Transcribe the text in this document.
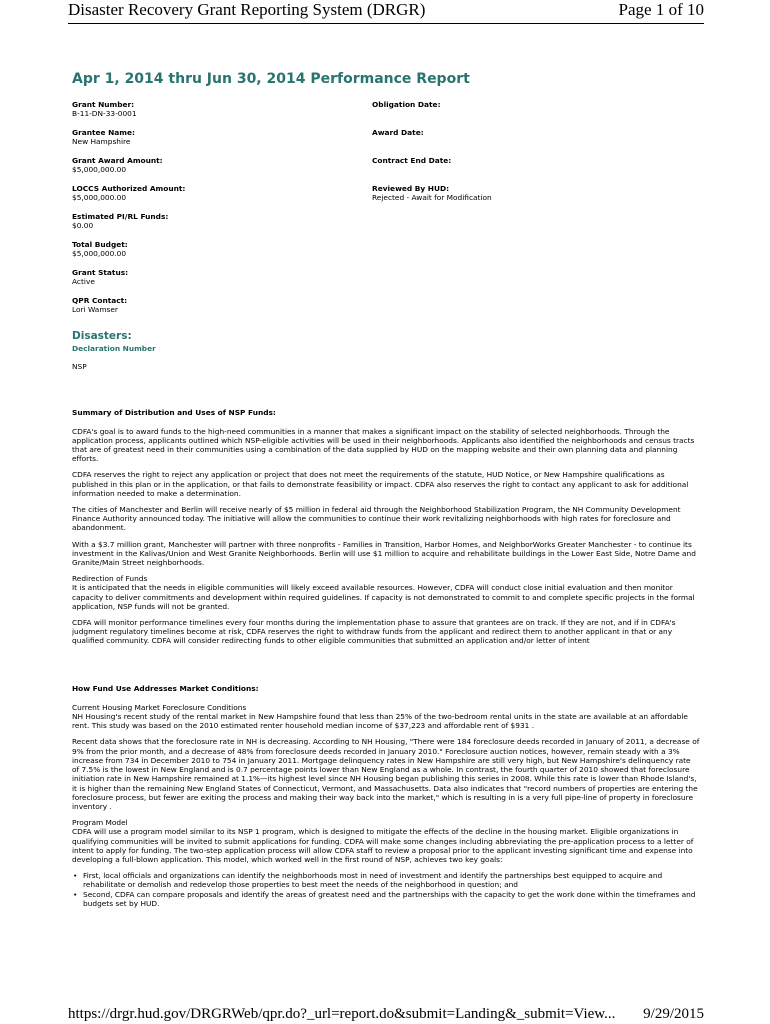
Disaster Recovery Grant Reporting System (DRGR)	Page 1 of 10
Apr 1, 2014 thru Jun 30, 2014 Performance Report
Grant Number:
B-11-DN-33-0001
Grantee Name:
New Hampshire
Grant Award Amount:
$5,000,000.00
LOCCS Authorized Amount:
$5,000,000.00
Estimated PI/RL Funds:
$0.00
Total Budget:
$5,000,000.00
Grant Status:
Active
QPR Contact:
Lori Wamser
Obligation Date:
Award Date:
Contract End Date:
Reviewed By HUD:
Rejected - Await for Modification
Disasters:
Declaration Number
NSP
Summary of Distribution and Uses of NSP Funds:
CDFA's goal is to award funds to the high-need communities in a manner that makes a significant impact on the stability of selected neighborhoods. Through the application process, applicants outlined which NSP-eligible activities will be used in their neighborhoods. Applicants also identified the neighborhoods and census tracts that are of greatest need in their communities using a combination of the data supplied by HUD on the mapping website and their own planning data and planning efforts.
CDFA reserves the right to reject any application or project that does not meet the requirements of the statute, HUD Notice, or New Hampshire qualifications as published in this plan or in the application, or that fails to demonstrate feasibility or impact. CDFA also reserves the right to contact any applicant to ask for additional information needed to make a determination.
The cities of Manchester and Berlin will receive nearly of $5 million in federal aid through the Neighborhood Stabilization Program, the NH Community Development Finance Authority announced today. The initiative will allow the communities to continue their work revitalizing neighborhoods with high rates for foreclosure and abandonment.
With a $3.7 million grant, Manchester will partner with three nonprofits - Families in Transition, Harbor Homes, and NeighborWorks Greater Manchester - to continue its investment in the Kalivas/Union and West Granite Neighborhoods. Berlin will use $1 million to acquire and rehabilitate buildings in the Lower East Side, Notre Dame and Granite/Main Street neighborhoods.
Redirection of Funds
It is anticipated that the needs in eligible communities will likely exceed available resources. However, CDFA will conduct close initial evaluation and then monitor capacity to deliver commitments and development within required guidelines. If capacity is not demonstrated to commit to and complete specific projects in the formal application, NSP funds will not be granted.
CDFA will monitor performance timelines every four months during the implementation phase to assure that grantees are on track. If they are not, and if in CDFA's judgment regulatory timelines become at risk, CDFA reserves the right to withdraw funds from the applicant and redirect them to another applicant in that or any qualified community. CDFA will consider redirecting funds to other eligible communities that submitted an application and/or letter of intent
How Fund Use Addresses Market Conditions:
Current Housing Market Foreclosure Conditions
NH Housing's recent study of the rental market in New Hampshire found that less than 25% of the two-bedroom rental units in the state are available at an affordable rent. This study was based on the 2010 estimated renter household median income of $37,223 and affordable rent of $931 .
Recent data shows that the foreclosure rate in NH is decreasing. According to NH Housing, "There were 184 foreclosure deeds recorded in January of 2011, a decrease of 9% from the prior month, and a decrease of 48% from foreclosure deeds recorded in January 2010." Foreclosure auction notices, however, remain steady with a 3% increase from 734 in December 2010 to 754 in January 2011. Mortgage delinquency rates in New Hampshire are still very high, but New Hampshire's delinquency rate of 7.5% is the lowest in New England and is 0.7 percentage points lower than New England as a whole. In contrast, the fourth quarter of 2010 showed that foreclosure initiation rate in New Hampshire remained at 1.1%—its highest level since NH Housing began publishing this series in 2008. While this rate is lower than Rhode Island's, it is higher than the remaining New England States of Connecticut, Vermont, and Massachusetts. Data also indicates that "record numbers of properties are entering the foreclosure process, but fewer are exiting the process and making their way back into the market," which is resulting in is a very full pipe-line of property in foreclosure inventory .
Program Model
CDFA will use a program model similar to its NSP 1 program, which is designed to mitigate the effects of the decline in the housing market. Eligible organizations in qualifying communities will be invited to submit applications for funding. CDFA will make some changes including abbreviating the pre-application process to a letter of intent to apply for funding. The two-step application process will allow CDFA staff to review a proposal prior to the applicant investing significant time and expense into developing a full-blown application. This model, which worked well in the first round of NSP, achieves two key goals:
• First, local officials and organizations can identify the neighborhoods most in need of investment and identify the partnerships best equipped to acquire and rehabilitate or demolish and redevelop those properties to best meet the needs of the neighborhood in question; and
• Second, CDFA can compare proposals and identify the areas of greatest need and the partnerships with the capacity to get the work done within the timeframes and budgets set by HUD.
https://drgr.hud.gov/DRGRWeb/qpr.do?_url=report.do&submit=Landing&_submit=View... 9/29/2015
